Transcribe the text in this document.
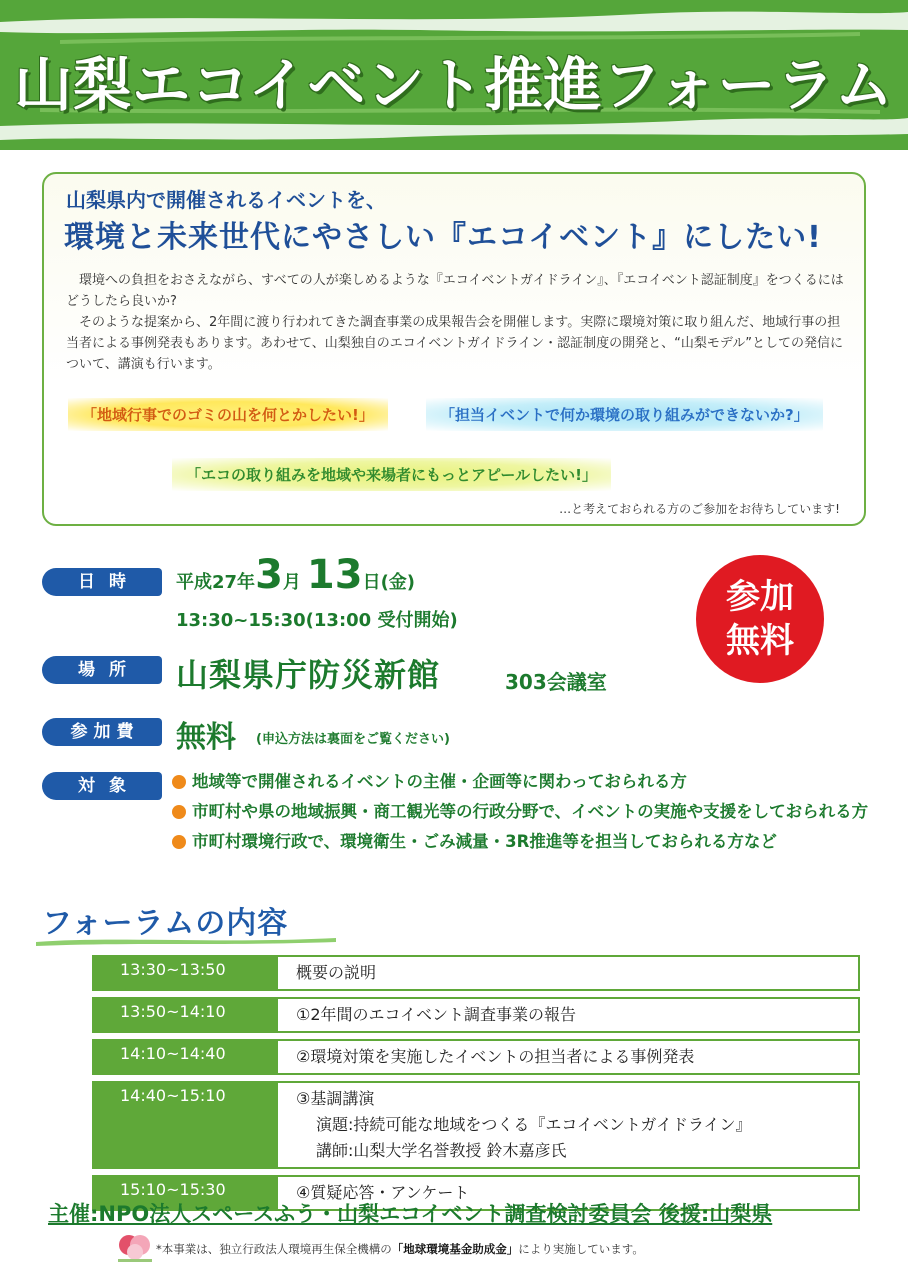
山梨エコイベント推進フォーラム
山梨県内で開催されるイベントを、
環境と未来世代にやさしい『エコイベント』にしたい!

　環境への負担をおさえながら、すべての人が楽しめるような『エコイベントガイドライン』、『エコイベント認証制度』をつくるにはどうしたら良いか?

　そのような提案から、2年間に渡り行われてきた調査事業の成果報告会を開催します。実際に環境対策に取り組んだ、地域行事の担当者による事例発表もあります。あわせて、山梨独自のエコイベントガイドライン・認証制度の開発と、“山梨モデル”としての発信について、講演も行います。

「地域行事でのゴミの山を何とかしたい!」	「担当イベントで何か環境の取り組みができないか?」
「エコの取り組みを地域や来場者にもっとアピールしたい!」
…と考えておられる方のご参加をお待ちしています!
日時	平成27年3月 13日(金)
13:30~15:30(13:00 受付開始)
場所	山梨県庁防災新館	303会議室
参加費	無料 (申込方法は裏面をご覧ください)
参加
無料
対象	地域等で開催されるイベントの主催・企画等に関わっておられる方
市町村や県の地域振興・商工観光等の行政分野で、イベントの実施や支援をしておられる方
市町村環境行政で、環境衛生・ごみ減量・3R推進等を担当しておられる方など
フォーラムの内容
13:30~13:50	概要の説明
13:50~14:10	①2年間のエコイベント調査事業の報告
14:10~14:40	②環境対策を実施したイベントの担当者による事例発表
14:40~15:10	③基調講演
演題:持続可能な地域をつくる『エコイベントガイドライン』
講師:山梨大学名誉教授 鈴木嘉彦氏
15:10~15:30	④質疑応答・アンケート
主催:NPO法人スペースふう・山梨エコイベント調査検討委員会 後援:山梨県
*本事業は、独立行政法人環境再生保全機構の「地球環境基金助成金」により実施しています。
